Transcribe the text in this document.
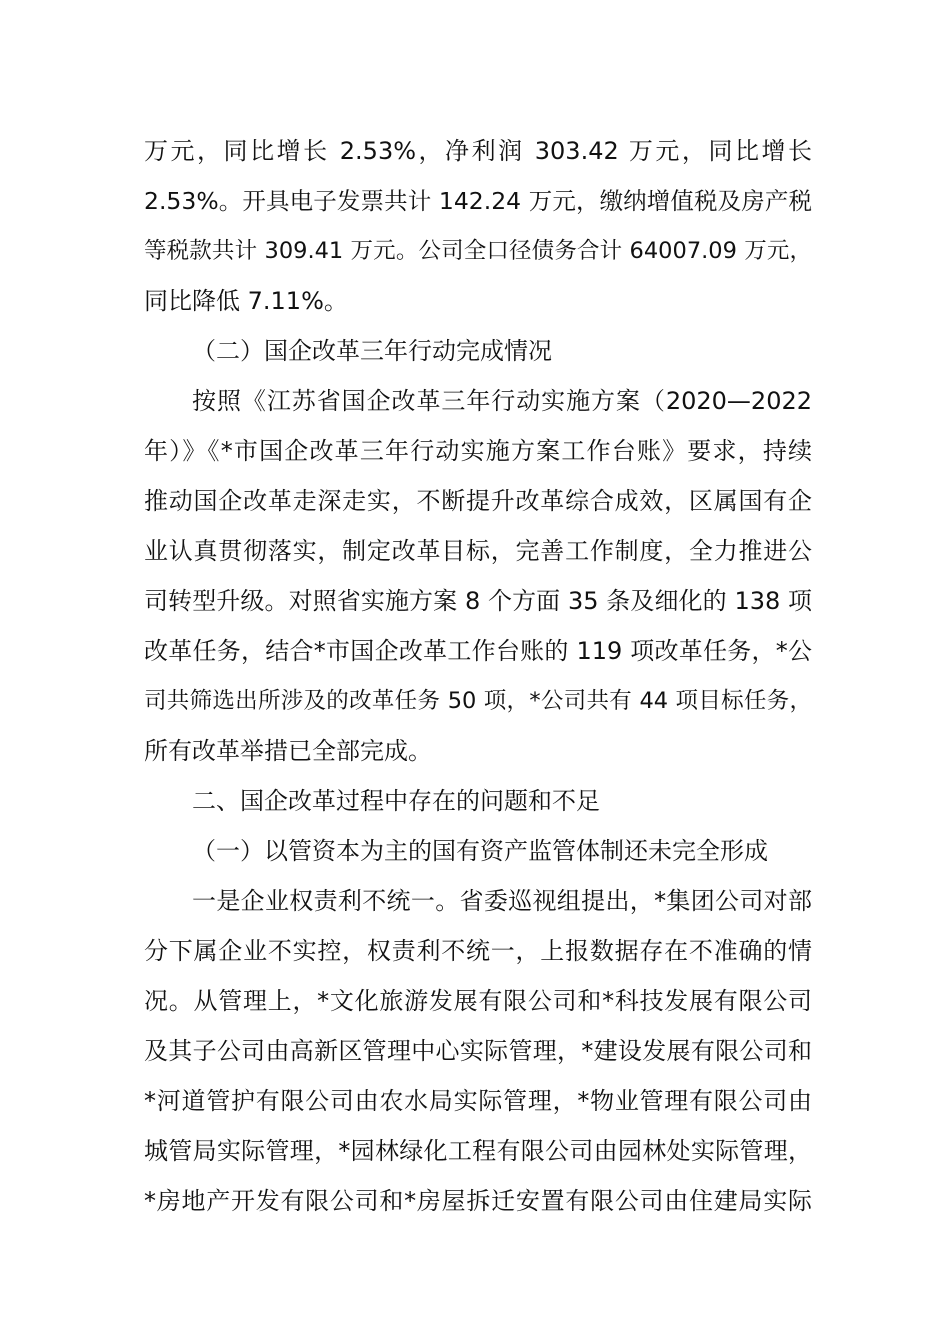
万元，同比增长 2.53%，净利润 303.42 万元，同比增长
2.53%。开具电子发票共计 142.24 万元，缴纳增值税及房产税
等税款共计 309.41 万元。公司全口径债务合计 64007.09 万元，
同比降低 7.11%。
（二）国企改革三年行动完成情况
按照《江苏省国企改革三年行动实施方案（2020—2022
年）》《*市国企改革三年行动实施方案工作台账》要求，持续
推动国企改革走深走实，不断提升改革综合成效，区属国有企
业认真贯彻落实，制定改革目标，完善工作制度，全力推进公
司转型升级。对照省实施方案 8 个方面 35 条及细化的 138 项
改革任务，结合*市国企改革工作台账的 119 项改革任务，*公
司共筛选出所涉及的改革任务 50 项，*公司共有 44 项目标任务，
所有改革举措已全部完成。
二、国企改革过程中存在的问题和不足
（一）以管资本为主的国有资产监管体制还未完全形成
一是企业权责利不统一。省委巡视组提出，*集团公司对部
分下属企业不实控，权责利不统一，上报数据存在不准确的情
况。从管理上，*文化旅游发展有限公司和*科技发展有限公司
及其子公司由高新区管理中心实际管理，*建设发展有限公司和
*河道管护有限公司由农水局实际管理，*物业管理有限公司由
城管局实际管理，*园林绿化工程有限公司由园林处实际管理，
*房地产开发有限公司和*房屋拆迁安置有限公司由住建局实际
